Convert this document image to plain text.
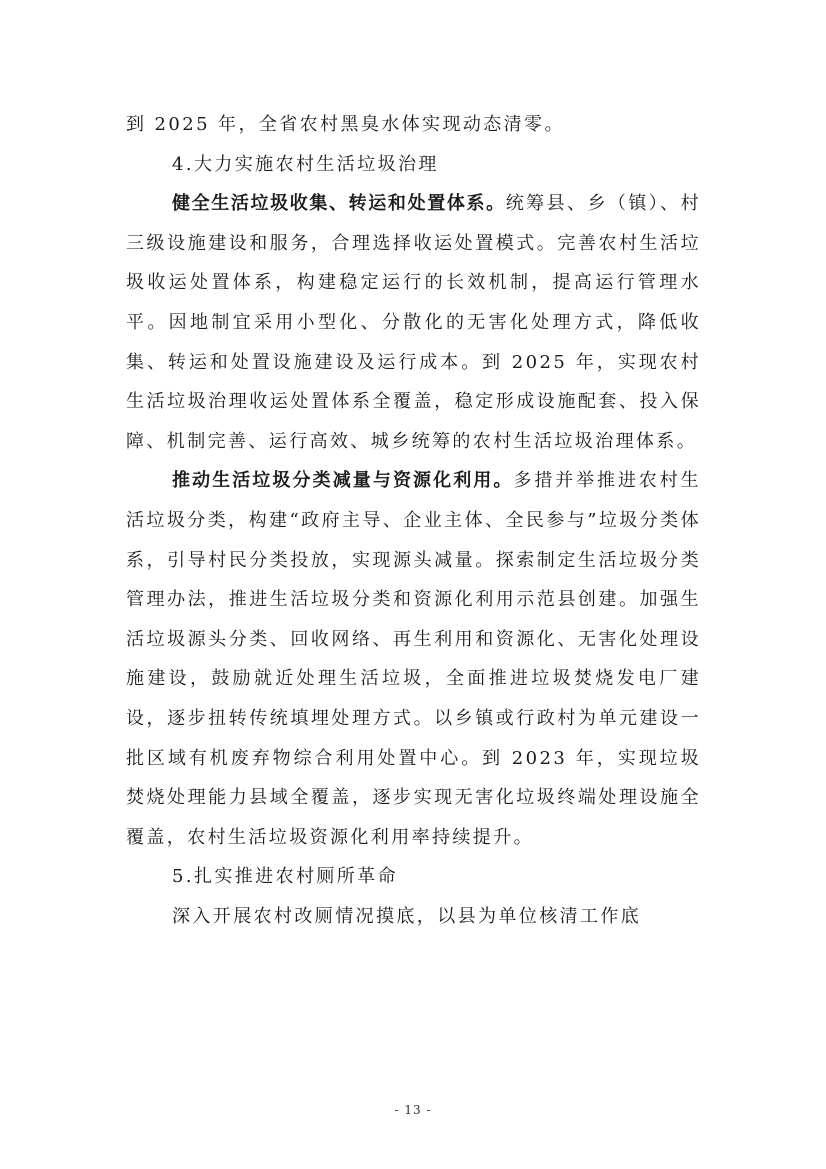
到 2025 年，全省农村黑臭水体实现动态清零。

4.大力实施农村生活垃圾治理

健全生活垃圾收集、转运和处置体系。统筹县、乡（镇）、村三级设施建设和服务，合理选择收运处置模式。完善农村生活垃圾收运处置体系，构建稳定运行的长效机制，提高运行管理水平。因地制宜采用小型化、分散化的无害化处理方式，降低收集、转运和处置设施建设及运行成本。到 2025 年，实现农村生活垃圾治理收运处置体系全覆盖，稳定形成设施配套、投入保障、机制完善、运行高效、城乡统筹的农村生活垃圾治理体系。

推动生活垃圾分类减量与资源化利用。多措并举推进农村生活垃圾分类，构建“政府主导、企业主体、全民参与”垃圾分类体系，引导村民分类投放，实现源头减量。探索制定生活垃圾分类管理办法，推进生活垃圾分类和资源化利用示范县创建。加强生活垃圾源头分类、回收网络、再生利用和资源化、无害化处理设施建设，鼓励就近处理生活垃圾，全面推进垃圾焚烧发电厂建设，逐步扭转传统填埋处理方式。以乡镇或行政村为单元建设一批区域有机废弃物综合利用处置中心。到 2023 年，实现垃圾焚烧处理能力县域全覆盖，逐步实现无害化垃圾终端处理设施全覆盖，农村生活垃圾资源化利用率持续提升。

5.扎实推进农村厕所革命

深入开展农村改厕情况摸底，以县为单位核清工作底

- 13 -
